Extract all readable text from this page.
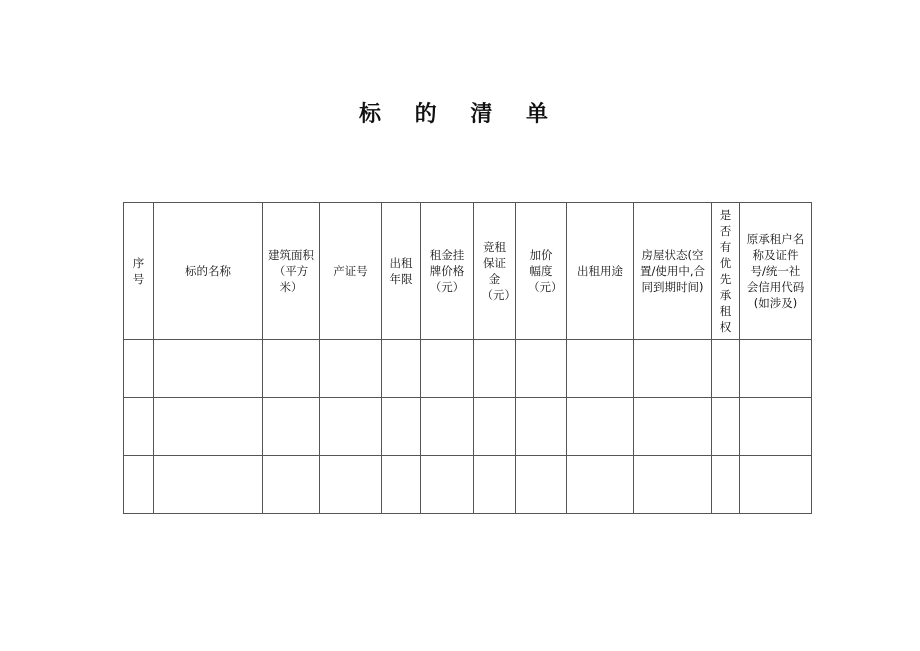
标 的 清 单
序号	标的名称	建筑面积（平方米）	产证号	出租年限	租金挂牌价格（元）	竞租保证金（元）	加价幅度（元）	出租用途	房屋状态(空置/使用中,合同到期时间)	是否有优先承租权	原承租户名称及证件号/统一社会信用代码(如涉及)
